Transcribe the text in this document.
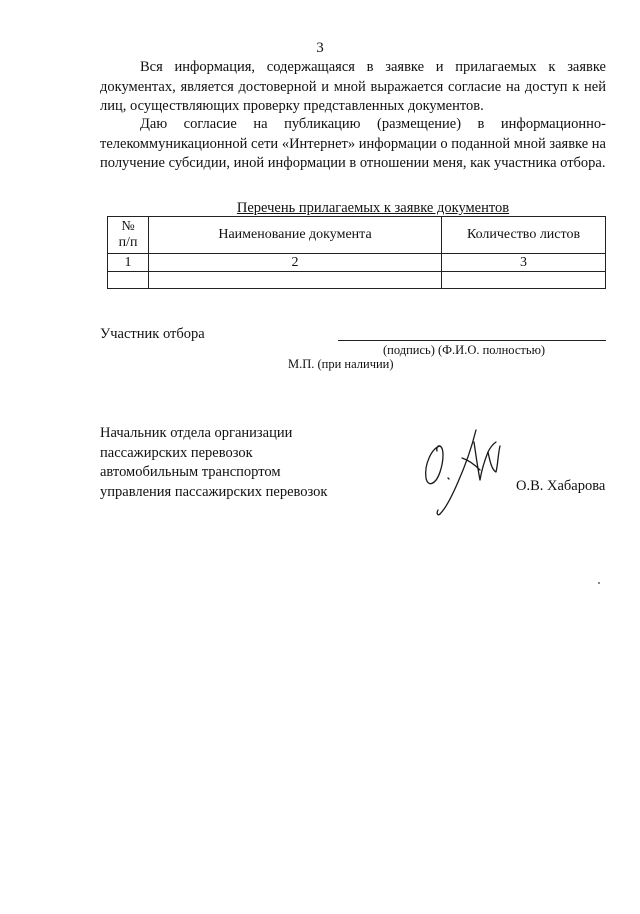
3

Вся информация, содержащаяся в заявке и прилагаемых к заявке документах, является достоверной и мной выражается согласие на доступ к ней лиц, осуществляющих проверку представленных документов.

Даю согласие на публикацию (размещение) в информационно-телекоммуникационной сети «Интернет» информации о поданной мной заявке на получение субсидии, иной информации в отношении меня, как участника отбора.

Перечень прилагаемых к заявке документов
№
п/п	Наименование документа	Количество листов
1	2	3

Участник отбора
(подпись) (Ф.И.О. полностью)
М.П. (при наличии)
Начальник отдела организации
пассажирских перевозок
автомобильным транспортом
управления пассажирских перевозок	О.В. Хабарова
